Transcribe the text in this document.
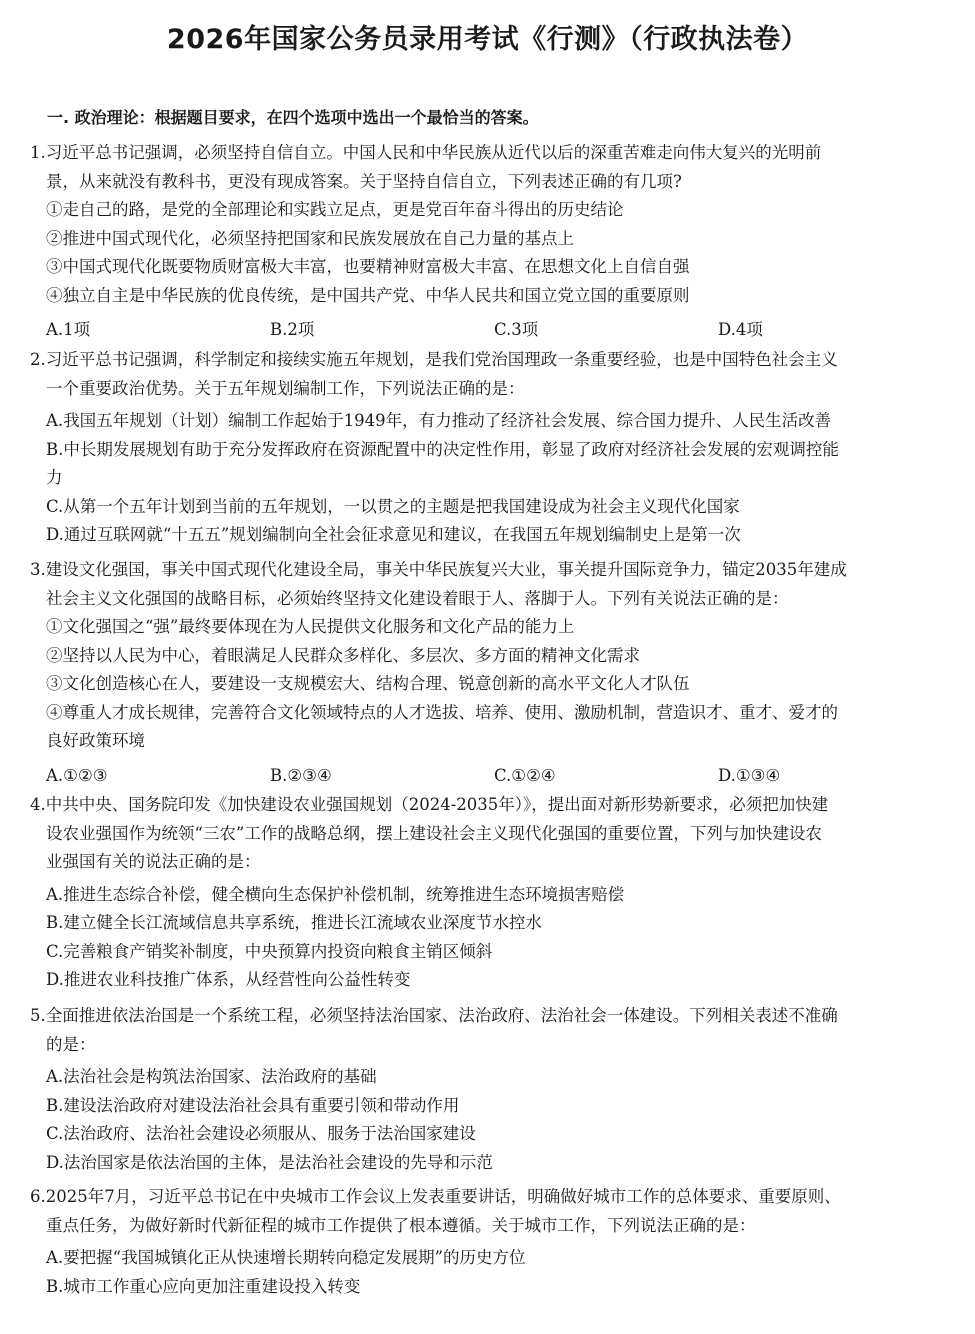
2026年国家公务员录用考试《行测》（行政执法卷）
一. 政治理论：根据题目要求，在四个选项中选出一个最恰当的答案。
1.习近平总书记强调，必须坚持自信自立。中国人民和中华民族从近代以后的深重苦难走向伟大复兴的光明前
景，从来就没有教科书，更没有现成答案。关于坚持自信自立，下列表述正确的有几项?
①走自己的路，是党的全部理论和实践立足点，更是党百年奋斗得出的历史结论
②推进中国式现代化，必须坚持把国家和民族发展放在自己力量的基点上
③中国式现代化既要物质财富极大丰富，也要精神财富极大丰富、在思想文化上自信自强
④独立自主是中华民族的优良传统，是中国共产党、中华人民共和国立党立国的重要原则
A.1项	B.2项	C.3项	D.4项
2.习近平总书记强调，科学制定和接续实施五年规划，是我们党治国理政一条重要经验，也是中国特色社会主义
一个重要政治优势。关于五年规划编制工作，下列说法正确的是：
A.我国五年规划（计划）编制工作起始于1949年，有力推动了经济社会发展、综合国力提升、人民生活改善
B.中长期发展规划有助于充分发挥政府在资源配置中的决定性作用，彰显了政府对经济社会发展的宏观调控能
力
C.从第一个五年计划到当前的五年规划，一以贯之的主题是把我国建设成为社会主义现代化国家
D.通过互联网就“十五五”规划编制向全社会征求意见和建议，在我国五年规划编制史上是第一次
3.建设文化强国，事关中国式现代化建设全局，事关中华民族复兴大业，事关提升国际竞争力，锚定2035年建成
社会主义文化强国的战略目标，必须始终坚持文化建设着眼于人、落脚于人。下列有关说法正确的是：
①文化强国之“强”最终要体现在为人民提供文化服务和文化产品的能力上
②坚持以人民为中心，着眼满足人民群众多样化、多层次、多方面的精神文化需求
③文化创造核心在人，要建设一支规模宏大、结构合理、锐意创新的高水平文化人才队伍
④尊重人才成长规律，完善符合文化领域特点的人才选拔、培养、使用、激励机制，营造识才、重才、爱才的
良好政策环境
A.①②③	B.②③④	C.①②④	D.①③④
4.中共中央、国务院印发《加快建设农业强国规划（2024-2035年）》，提出面对新形势新要求，必须把加快建
设农业强国作为统领“三农”工作的战略总纲，摆上建设社会主义现代化强国的重要位置，下列与加快建设农
业强国有关的说法正确的是：
A.推进生态综合补偿，健全横向生态保护补偿机制，统筹推进生态环境损害赔偿
B.建立健全长江流域信息共享系统，推进长江流域农业深度节水控水
C.完善粮食产销奖补制度，中央预算内投资向粮食主销区倾斜
D.推进农业科技推广体系，从经营性向公益性转变
5.全面推进依法治国是一个系统工程，必须坚持法治国家、法治政府、法治社会一体建设。下列相关表述不准确
的是：
A.法治社会是构筑法治国家、法治政府的基础
B.建设法治政府对建设法治社会具有重要引领和带动作用
C.法治政府、法治社会建设必须服从、服务于法治国家建设
D.法治国家是依法治国的主体，是法治社会建设的先导和示范
6.2025年7月，习近平总书记在中央城市工作会议上发表重要讲话，明确做好城市工作的总体要求、重要原则、
重点任务，为做好新时代新征程的城市工作提供了根本遵循。关于城市工作，下列说法正确的是：
A.要把握“我国城镇化正从快速增长期转向稳定发展期”的历史方位
B.城市工作重心应向更加注重建设投入转变
